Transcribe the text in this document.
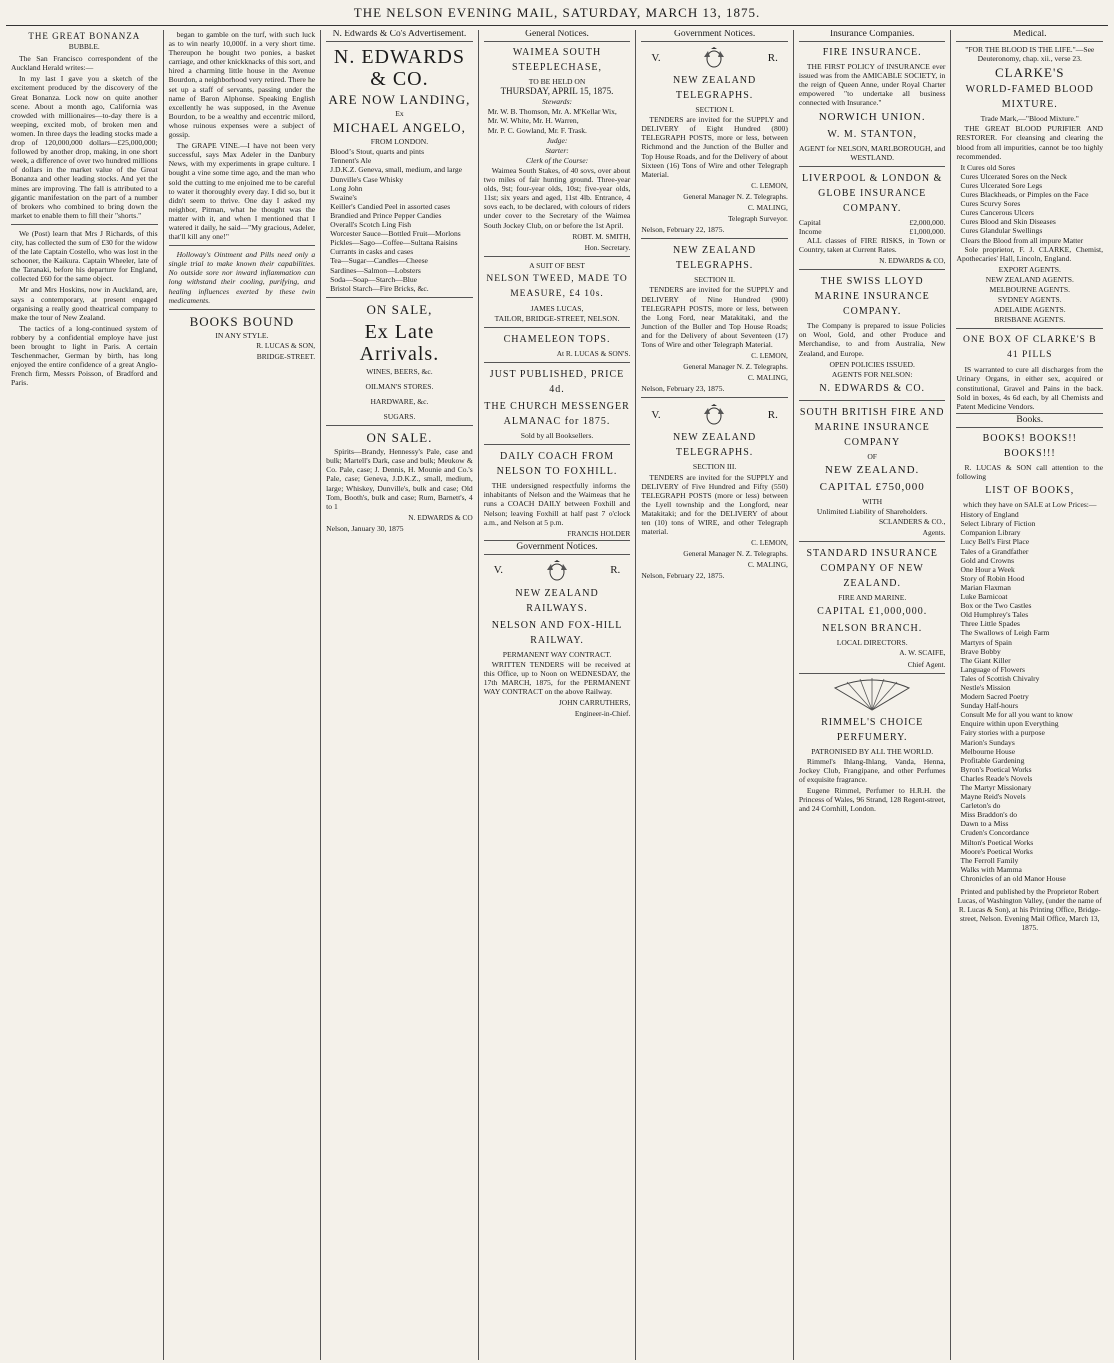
THE NELSON EVENING MAIL, SATURDAY, MARCH 13, 1875.
THE GREAT BONANZA
BUBBLE.

The San Francisco correspondent of the Auckland Herald writes:—

In my last I gave you a sketch of the excitement produced by the discovery of the Great Bonanza. Lock now on quite another scene. About a month ago, California was crowded with millionaires—to-day there is a weeping, excited mob, of broken men and women. In three days the leading stocks made a drop of 120,000,000 dollars—£25,000,000; followed by another drop, making, in one short week, a difference of over two hundred millions of dollars in the market value of the Great Bonanza and other leading stocks. And yet the mines are improving. The fall is attributed to a gigantic manifestation on the part of a number of brokers who combined to bring down the market to enable them to fill their "shorts."

We (Post) learn that Mrs J Richards, of this city, has collected the sum of £30 for the widow of the late Captain Costello, who was lost in the schooner, the Kaikura. Captain Wheeler, late of the Taranaki, before his departure for England, collected £60 for the same object.

Mr and Mrs Hoskins, now in Auckland, are, says a contemporary, at present engaged organising a really good theatrical company to make the tour of New Zealand.

The tactics of a long-continued system of robbery by a confidential employe have just been brought to light in Paris. A certain Teschenmacher, German by birth, has long enjoyed the entire confidence of a great Anglo-French firm, Messrs Poisson, of Bradford and Paris.

began to gamble on the turf, with such luck as to win nearly 10,000f. in a very short time. Thereupon he bought two ponies, a basket carriage, and other knickknacks of this sort, and hired a charming little house in the Avenue Bourdon, a neighborhood very retired. There he set up a staff of servants, passing under the name of Baron Alphonse. Speaking English excellently he was supposed, in the Avenue Bourdon, to be a wealthy and eccentric milord, whose ruinous expenses were a subject of gossip.

The GRAPE VINE.—I have not been very successful, says Max Adeler in the Danbury News, with my experiments in grape culture. I bought a vine some time ago, and the man who sold the cutting to me enjoined me to be careful to water it thoroughly every day. I did so, but it didn't seem to thrive. One day I asked my neighbor, Pitman, what he thought was the matter with it, and when I mentioned that I watered it daily, he said—"My gracious, Adeler, that'll kill any one!"

Holloway's Ointment and Pills need only a single trial to make known their capabilities. No outside sore nor inward inflammation can long withstand their cooling, purifying, and healing influences exerted by these twin medicaments.

BOOKS BOUND
IN ANY STYLE.
R. LUCAS & SON,
BRIDGE-STREET.
N. Edwards & Co's Advertisement.
N. EDWARDS & CO.
ARE NOW LANDING,
Ex
MICHAEL ANGELO,
FROM LONDON.
Bloodʼs Stout, quarts and pints
Tennent's Ale
J.D.K.Z. Geneva, small, medium, and large
Dunville's Case Whisky
Long John
Swaine's
Keiller's Candied Peel in assorted cases
Brandied and Prince Pepper Candies
Overall's Scotch Ling Fish
Worcester Sauce—Bottled Fruit—Morlons
Pickles—Sago—Coffee—Sultana Raisins
Currants in casks and cases
Tea—Sugar—Candles—Cheese
Sardines—Salmon—Lobsters
Soda—Soap—Starch—Blue
Bristol Starch—Fire Bricks, &c.
ON SALE,
Ex Late Arrivals.
WINES, BEERS, &c.
OILMAN'S STORES.
HARDWARE, &c.
SUGARS.
ON SALE.

Spirits—Brandy, Hennessy's Pale, case and bulk; Martell's Dark, case and bulk; Meukow & Co. Pale, case; J. Dennis, H. Mounie and Co.'s Pale, case; Geneva, J.D.K.Z., small, medium, large; Whiskey, Dunville's, bulk and case; Old Tom, Booth's, bulk and case; Rum, Barnett's, 4 to 1

N. EDWARDS & CO
Nelson, January 30, 1875
General Notices.
WAIMEA SOUTH STEEPLECHASE,
TO BE HELD ON
THURSDAY, APRIL 15, 1875.
Stewards:
Mr. W. B. Thomson, Mr. A. M'Kellar Wix,
Mr. W. White, Mr. H. Warren,
Mr. P. C. Gowland, Mr. F. Trask.
Judge:
Starter:
Clerk of the Course:

Waimea South Stakes, of 40 sovs, over about two miles of fair hunting ground. Three-year olds, 9st; four-year olds, 10st; five-year olds, 11st; six years and aged, 11st 4lb. Entrance, 4 sovs each, to be declared, with colours of riders under cover to the Secretary of the Waimea South Jockey Club, on or before the 1st April.

ROBT. M. SMITH,
Hon. Secretary.
A SUIT OF BEST
NELSON TWEED, MADE TO MEASURE, £4 10s.
JAMES LUCAS,
TAILOR, BRIDGE-STREET, NELSON.
CHAMELEON TOPS.
At R. LUCAS & SON'S.
JUST PUBLISHED, PRICE 4d.
THE CHURCH MESSENGER ALMANAC for 1875.
Sold by all Booksellers.
DAILY COACH FROM NELSON TO FOXHILL.

THE undersigned respectfully informs the inhabitants of Nelson and the Waimeas that he runs a COACH DAILY between Foxhill and Nelson; leaving Foxhill at half past 7 o'clock a.m., and Nelson at 5 p.m.

FRANCIS HOLDER
Government Notices.
V.	R.
NEW ZEALAND RAILWAYS.
NELSON AND FOX-HILL RAILWAY.
PERMANENT WAY CONTRACT.

WRITTEN TENDERS will be received at this Office, up to Noon on WEDNESDAY, the 17th MARCH, 1875, for the PERMANENT WAY CONTRACT on the above Railway.

JOHN CARRUTHERS,
Engineer-in-Chief.
Government Notices.
V.	R.
NEW ZEALAND TELEGRAPHS.
SECTION I.

TENDERS are invited for the SUPPLY and DELIVERY of Eight Hundred (800) TELEGRAPH POSTS, more or less, between Richmond and the Junction of the Buller and Top House Roads, and for the Delivery of about Sixteen (16) Tons of Wire and other Telegraph Material.

C. LEMON,
General Manager N. Z. Telegraphs.
C. MALING,
Telegraph Surveyor.
Nelson, February 22, 1875.
NEW ZEALAND TELEGRAPHS.
SECTION II.

TENDERS are invited for the SUPPLY and DELIVERY of Nine Hundred (900) TELEGRAPH POSTS, more or less, between the Long Ford, near Matakitaki, and the Junction of the Buller and Top House Roads; and for the Delivery of about Seventeen (17) Tons of Wire and other Telegraph Material.

C. LEMON,
General Manager N. Z. Telegraphs.
C. MALING,
Nelson, February 23, 1875.
V.	R.
NEW ZEALAND TELEGRAPHS.
SECTION III.

TENDERS are invited for the SUPPLY and DELIVERY of Five Hundred and Fifty (550) TELEGRAPH POSTS (more or less) between the Lyell township and the Longford, near Matakitaki; and for the DELIVERY of about ten (10) tons of WIRE, and other Telegraph material.

C. LEMON,
General Manager N. Z. Telegraphs.
C. MALING,
Nelson, February 22, 1875.
Insurance Companies.
FIRE INSURANCE.

THE FIRST POLICY of INSURANCE ever issued was from the AMICABLE SOCIETY, in the reign of Queen Anne, under Royal Charter empowered "to undertake all business connected with Insurance."

NORWICH UNION.
W. M. STANTON,
AGENT for NELSON, MARLBOROUGH, and WESTLAND.
LIVERPOOL & LONDON & GLOBE INSURANCE COMPANY.
Capital	£2,000,000.
Income	£1,000,000.

ALL classes of FIRE RISKS, in Town or Country, taken at Current Rates.

N. EDWARDS & CO,
THE SWISS LLOYD MARINE INSURANCE COMPANY.

The Company is prepared to issue Policies on Wool, Gold, and other Produce and Merchandise, to and from Australia, New Zealand, and Europe.

OPEN POLICIES ISSUED.
AGENTS FOR NELSON:
N. EDWARDS & CO.
SOUTH BRITISH FIRE AND MARINE INSURANCE COMPANY
OF
NEW ZEALAND.
CAPITAL £750,000
WITH
Unlimited Liability of Shareholders.
SCLANDERS & CO.,
Agents.
STANDARD INSURANCE COMPANY OF NEW ZEALAND.
FIRE AND MARINE.
CAPITAL £1,000,000.
NELSON BRANCH.
LOCAL DIRECTORS.
A. W. SCAIFE,
Chief Agent.
RIMMEL'S CHOICE PERFUMERY.
PATRONISED BY ALL THE WORLD.

Rimmel's Ihlang-Ihlang, Vanda, Henna, Jockey Club, Frangipane, and other Perfumes of exquisite fragrance.

Eugene Rimmel, Perfumer to H.R.H. the Princess of Wales, 96 Strand, 128 Regent-street, and 24 Cornhill, London.

Medical.
"FOR THE BLOOD IS THE LIFE."—See Deuteronomy, chap. xii., verse 23.
CLARKE'S
WORLD-FAMED BLOOD MIXTURE.
Trade Mark,—"Blood Mixture."

THE GREAT BLOOD PURIFIER AND RESTORER. For cleansing and clearing the blood from all impurities, cannot be too highly recommended.

It Cures old Sores
Cures Ulcerated Sores on the Neck
Cures Ulcerated Sore Legs
Cures Blackheads, or Pimples on the Face
Cures Scurvy Sores
Cures Cancerous Ulcers
Cures Blood and Skin Diseases
Cures Glandular Swellings
Clears the Blood from all impure Matter

Sole proprietor, F. J. CLARKE, Chemist, Apothecaries' Hall, Lincoln, England.

EXPORT AGENTS.
NEW ZEALAND AGENTS.
MELBOURNE AGENTS.
SYDNEY AGENTS.
ADELAIDE AGENTS.
BRISBANE AGENTS.
ONE BOX OF CLARKE'S B 41 PILLS

IS warranted to cure all discharges from the Urinary Organs, in either sex, acquired or constitutional, Gravel and Pains in the back. Sold in boxes, 4s 6d each, by all Chemists and Patent Medicine Vendors.

Books.
BOOKS! BOOKS!! BOOKS!!!

R. LUCAS & SON call attention to the following

LIST OF BOOKS,
which they have on SALE at Low Prices:—
History of England
Select Library of Fiction
Companion Library
Lucy Bell's First Place
Tales of a Grandfather
Gold and Crowns
One Hour a Week
Story of Robin Hood
Marian Flaxman
Luke Barnicoat
Box or the Two Castles
Old Humphrey's Tales
Three Little Spades
The Swallows of Leigh Farm
Martyrs of Spain
Brave Bobby
The Giant Killer
Language of Flowers
Tales of Scottish Chivalry
Nestle's Mission
Modern Sacred Poetry
Sunday Half-hours
Consult Me for all you want to know
Enquire within upon Everything
Fairy stories with a purpose
Marion's Sundays
Melbourne House
Profitable Gardening
Byron's Poetical Works
Charles Reade's Novels
The Martyr Missionary
Mayne Reid's Novels
Carleton's do
Miss Braddon's do
Dawn to a Miss
Cruden's Concordance
Milton's Poetical Works
Moore's Poetical Works
The Ferroll Family
Walks with Mamma
Chronicles of an old Manor House
Printed and published by the Proprietor Robert Lucas, of Washington Valley, (under the name of R. Lucas & Son), at his Printing Office, Bridge-street, Nelson. Evening Mail Office, March 13, 1875.
